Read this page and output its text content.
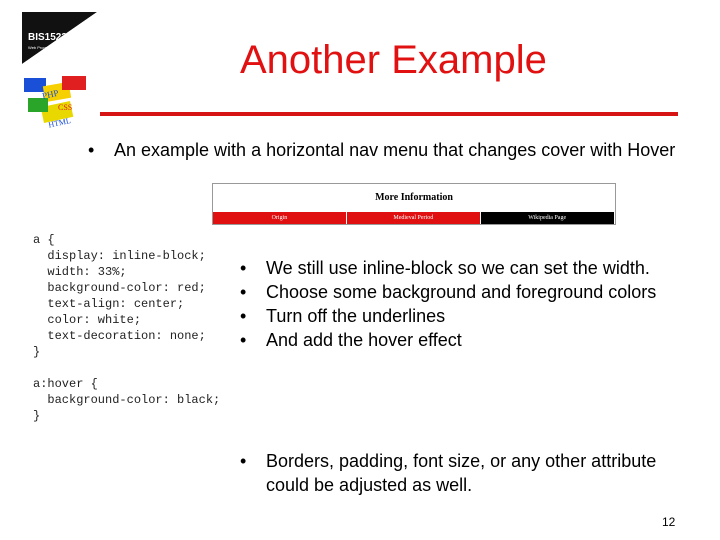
BIS1523
Web Programming 1
PHP
CSS
HTML
Another Example
• An example with a horizontal nav menu that changes cover with Hover
More Information
Origin	Medieval Period	Wikipedia Page
a {
display: inline-block;
width: 33%;
background-color: red;
text-align: center;
color: white;
text-decoration: none;
}

a:hover {
background-color: black;
}
• We still use inline-block so we can set the width.
• Choose some background and foreground colors
• Turn off the underlines
• And add the hover effect
• Borders, padding, font size, or any other attribute could be adjusted as well.
12
